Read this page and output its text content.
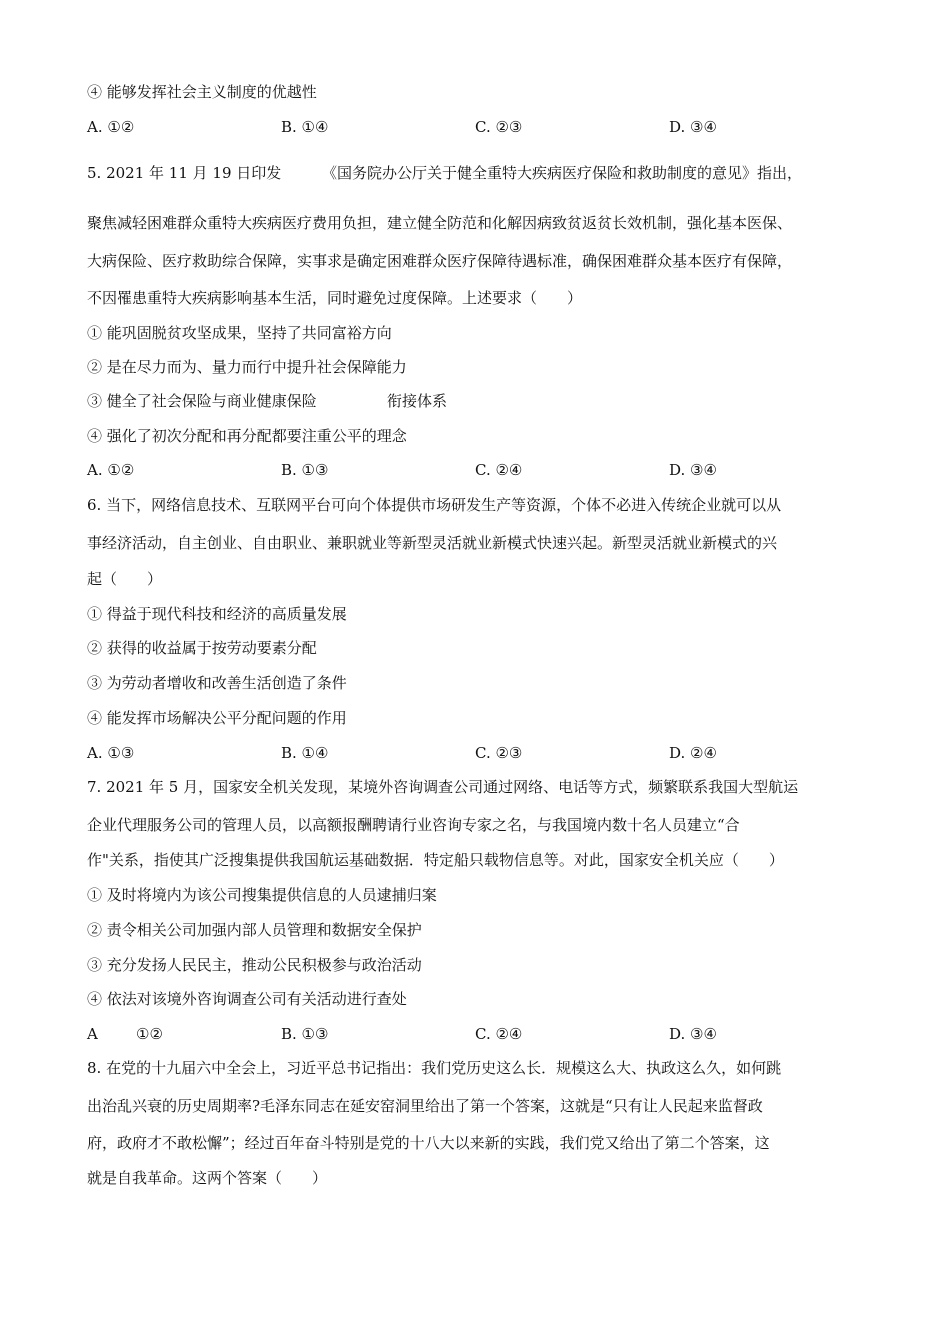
④ 能够发挥社会主义制度的优越性
A. ①②	B. ①④	C. ②③	D. ③④
5. 2021 年 11 月 19 日印发	《国务院办公厅关于健全重特大疾病医疗保险和救助制度的意见》指出，
聚焦减轻困难群众重特大疾病医疗费用负担，建立健全防范和化解因病致贫返贫长效机制，强化基本医保、
大病保险、医疗救助综合保障，实事求是确定困难群众医疗保障待遇标准，确保困难群众基本医疗有保障，
不因罹患重特大疾病影响基本生活，同时避免过度保障。上述要求（　　）
① 能巩固脱贫攻坚成果，坚持了共同富裕方向
② 是在尽力而为、量力而行中提升社会保障能力
③ 健全了社会保险与商业健康保险	衔接体系
④ 强化了初次分配和再分配都要注重公平的理念
A. ①②	B. ①③	C. ②④	D. ③④
6. 当下，网络信息技术、互联网平台可向个体提供市场研发生产等资源，个体不必进入传统企业就可以从
事经济活动，自主创业、自由职业、兼职就业等新型灵活就业新模式快速兴起。新型灵活就业新模式的兴
起（　　）
① 得益于现代科技和经济的高质量发展
② 获得的收益属于按劳动要素分配
③ 为劳动者增收和改善生活创造了条件
④ 能发挥市场解决公平分配问题的作用
A. ①③	B. ①④	C. ②③	D. ②④
7. 2021 年 5 月，国家安全机关发现，某境外咨询调查公司通过网络、电话等方式，频繁联系我国大型航运
企业代理服务公司的管理人员，以高额报酬聘请行业咨询专家之名，与我国境内数十名人员建立“合
作"关系，指使其广泛搜集提供我国航运基础数据．特定船只载物信息等。对此，国家安全机关应（　　）
① 及时将境内为该公司搜集提供信息的人员逮捕归案
② 责令相关公司加强内部人员管理和数据安全保护
③ 充分发扬人民民主，推动公民积极参与政治活动
④ 依法对该境外咨询调查公司有关活动进行查处
A	①②	B. ①③	C. ②④	D. ③④
8. 在党的十九届六中全会上，习近平总书记指出：我们党历史这么长．规模这么大、执政这么久，如何跳
出治乱兴衰的历史周期率?毛泽东同志在延安窑洞里给出了第一个答案，这就是“只有让人民起来监督政
府，政府才不敢松懈”；经过百年奋斗特别是党的十八大以来新的实践，我们党又给出了第二个答案，这
就是自我革命。这两个答案（　　）
